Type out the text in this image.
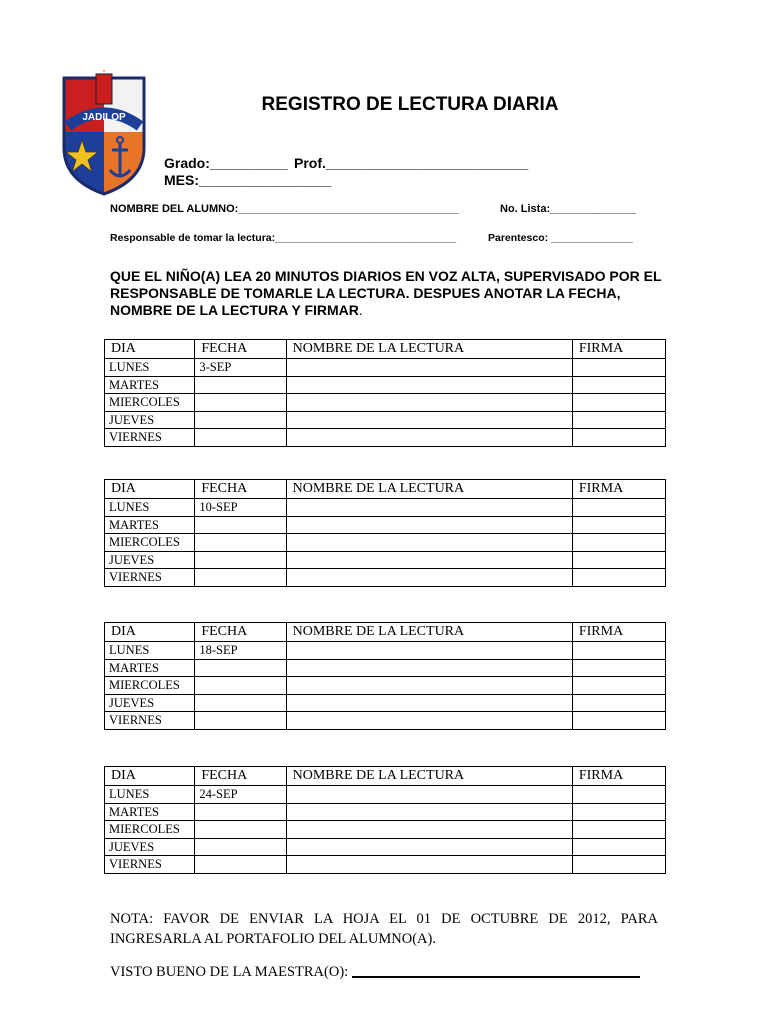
JADILOP
REGISTRO DE LECTURA DIARIA
Grado:__________ Prof.__________________________
MES:_________________
NOMBRE DEL ALUMNO:____________________________________	No. Lista:______________
Responsable de tomar la lectura:_______________________________	Parentesco: ______________
QUE EL NIÑO(A) LEA 20 MINUTOS DIARIOS EN VOZ ALTA, SUPERVISADO POR EL RESPONSABLE DE TOMARLE LA LECTURA. DESPUES ANOTAR LA FECHA, NOMBRE DE LA LECTURA Y FIRMAR.
DIA	FECHA	NOMBRE DE LA LECTURA	FIRMA
LUNES	3-SEP		
MARTES			
MIERCOLES			
JUEVES			
VIERNES			
DIA	FECHA	NOMBRE DE LA LECTURA	FIRMA
LUNES	10-SEP		
MARTES			
MIERCOLES			
JUEVES			
VIERNES			
DIA	FECHA	NOMBRE DE LA LECTURA	FIRMA
LUNES	18-SEP		
MARTES			
MIERCOLES			
JUEVES			
VIERNES			
DIA	FECHA	NOMBRE DE LA LECTURA	FIRMA
LUNES	24-SEP		
MARTES			
MIERCOLES			
JUEVES			
VIERNES			
NOTA: FAVOR DE ENVIAR LA HOJA EL 01 DE OCTUBRE DE 2012, PARA INGRESARLA AL PORTAFOLIO DEL ALUMNO(A).
VISTO BUENO DE LA MAESTRA(O):
